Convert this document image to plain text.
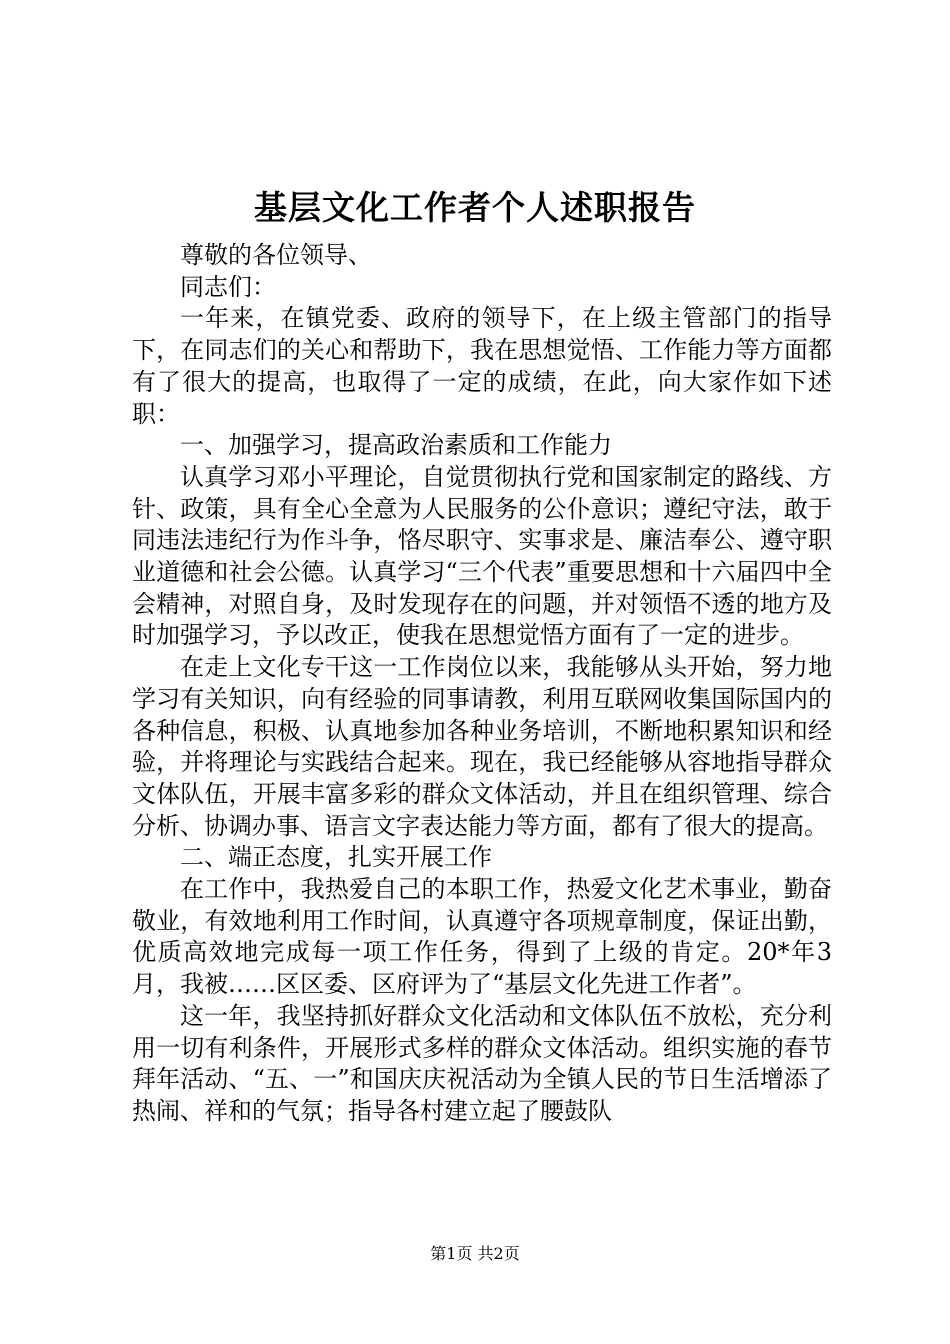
基层文化工作者个人述职报告

尊敬的各位领导、

同志们：

一年来，在镇党委、政府的领导下，在上级主管部门的指导下，在同志们的关心和帮助下，我在思想觉悟、工作能力等方面都有了很大的提高，也取得了一定的成绩，在此，向大家作如下述职：

一、加强学习，提高政治素质和工作能力

认真学习邓小平理论，自觉贯彻执行党和国家制定的路线、方针、政策，具有全心全意为人民服务的公仆意识；遵纪守法，敢于同违法违纪行为作斗争，恪尽职守、实事求是、廉洁奉公、遵守职业道德和社会公德。认真学习“三个代表”重要思想和十六届四中全会精神，对照自身，及时发现存在的问题，并对领悟不透的地方及时加强学习，予以改正，使我在思想觉悟方面有了一定的进步。

在走上文化专干这一工作岗位以来，我能够从头开始，努力地学习有关知识，向有经验的同事请教，利用互联网收集国际国内的各种信息，积极、认真地参加各种业务培训，不断地积累知识和经验，并将理论与实践结合起来。现在，我已经能够从容地指导群众文体队伍，开展丰富多彩的群众文体活动，并且在组织管理、综合分析、协调办事、语言文字表达能力等方面，都有了很大的提高。

二、端正态度，扎实开展工作

在工作中，我热爱自己的本职工作，热爱文化艺术事业，勤奋敬业，有效地利用工作时间，认真遵守各项规章制度，保证出勤，优质高效地完成每一项工作任务，得到了上级的肯定。20*年3月，我被……区区委、区府评为了“基层文化先进工作者”。

这一年，我坚持抓好群众文化活动和文体队伍不放松，充分利用一切有利条件，开展形式多样的群众文体活动。组织实施的春节拜年活动、“五、一”和国庆庆祝活动为全镇人民的节日生活增添了热闹、祥和的气氛；指导各村建立起了腰鼓队

第1页 共2页
